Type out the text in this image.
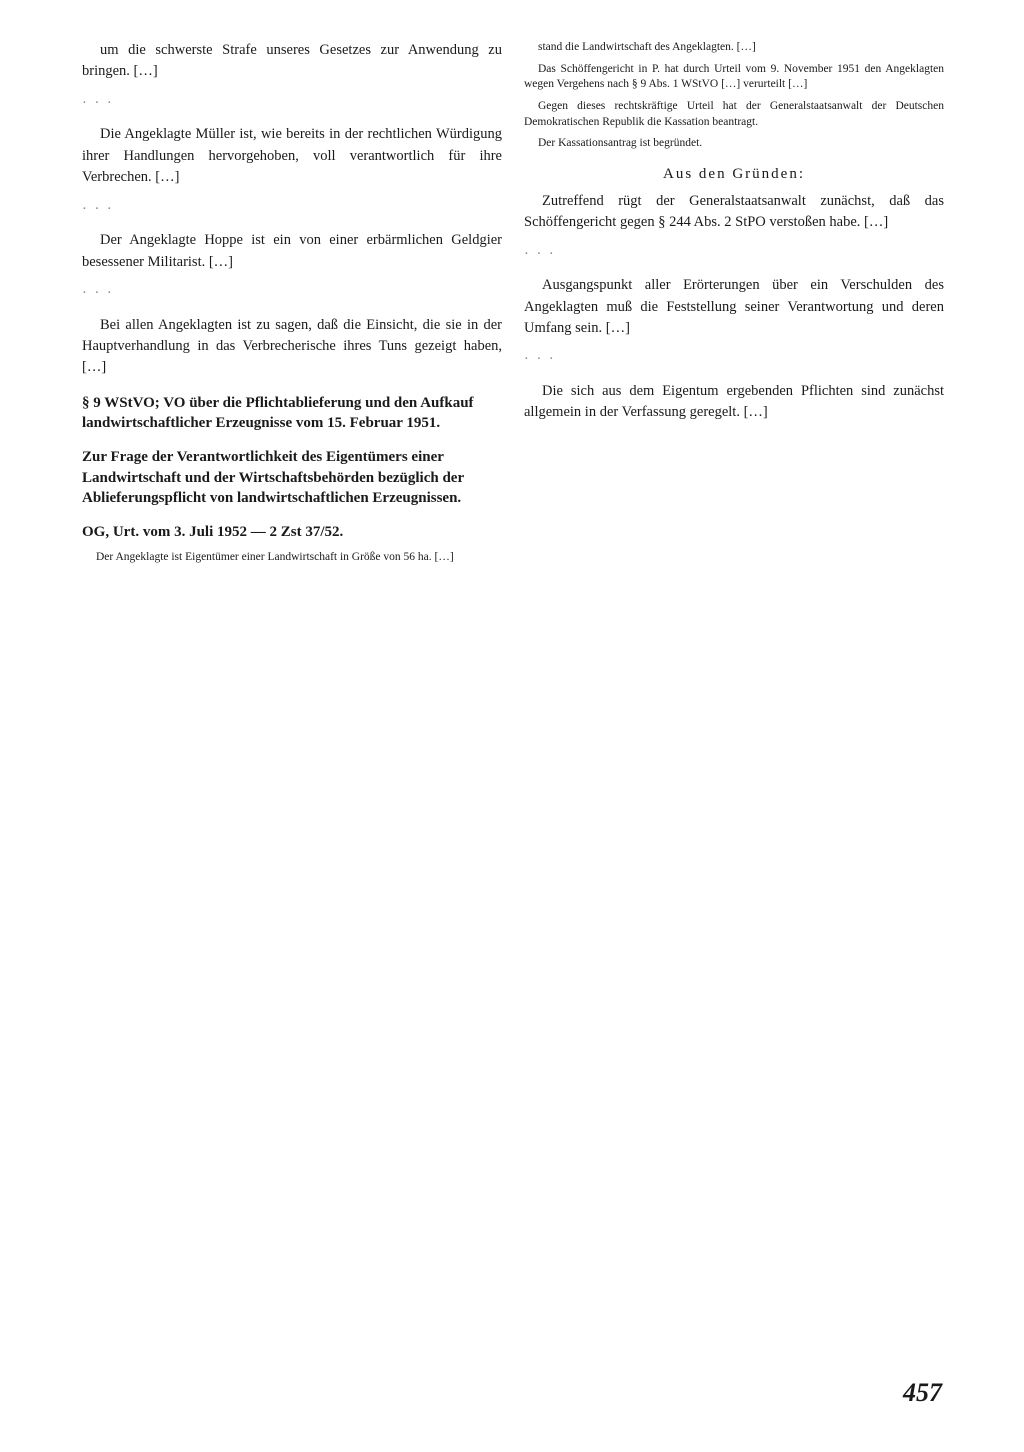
um die schwerste Strafe unseres Gesetzes zur Anwendung zu bringen. […]

· · ·

Die Angeklagte Müller ist, wie bereits in der rechtlichen Würdigung ihrer Handlungen hervorgehoben, voll verantwortlich für ihre Verbrechen. […]

· · ·

Der Angeklagte Hoppe ist ein von einer erbärmlichen Geldgier besessener Militarist. […]

· · ·

Bei allen Angeklagten ist zu sagen, daß die Einsicht, die sie in der Hauptverhandlung in das Verbrecherische ihres Tuns gezeigt haben, […]

§ 9 WStVO; VO über die Pflichtablieferung und den Aufkauf landwirtschaftlicher Erzeugnisse vom 15. Februar 1951.
Zur Frage der Verantwortlichkeit des Eigentümers einer Landwirtschaft und der Wirtschaftsbehörden bezüglich der Ablieferungspflicht von landwirtschaftlichen Erzeugnissen.
OG, Urt. vom 3. Juli 1952 — 2 Zst 37/52.

Der Angeklagte ist Eigentümer einer Landwirtschaft in Größe von 56 ha. […]

stand die Landwirtschaft des Angeklagten. […]

Das Schöffengericht in P. hat durch Urteil vom 9. November 1951 den Angeklagten wegen Vergehens nach § 9 Abs. 1 WStVO […] verurteilt […]

Gegen dieses rechtskräftige Urteil hat der Generalstaatsanwalt der Deutschen Demokratischen Republik die Kassation beantragt.

Der Kassationsantrag ist begründet.

Aus den Gründen:

Zutreffend rügt der Generalstaatsanwalt zunächst, daß das Schöffengericht gegen § 244 Abs. 2 StPO verstoßen habe. […]

· · ·

Ausgangspunkt aller Erörterungen über ein Verschulden des Angeklagten muß die Feststellung seiner Verantwortung und deren Umfang sein. […]

· · ·

Die sich aus dem Eigentum ergebenden Pflichten sind zunächst allgemein in der Verfassung geregelt. […]

457
